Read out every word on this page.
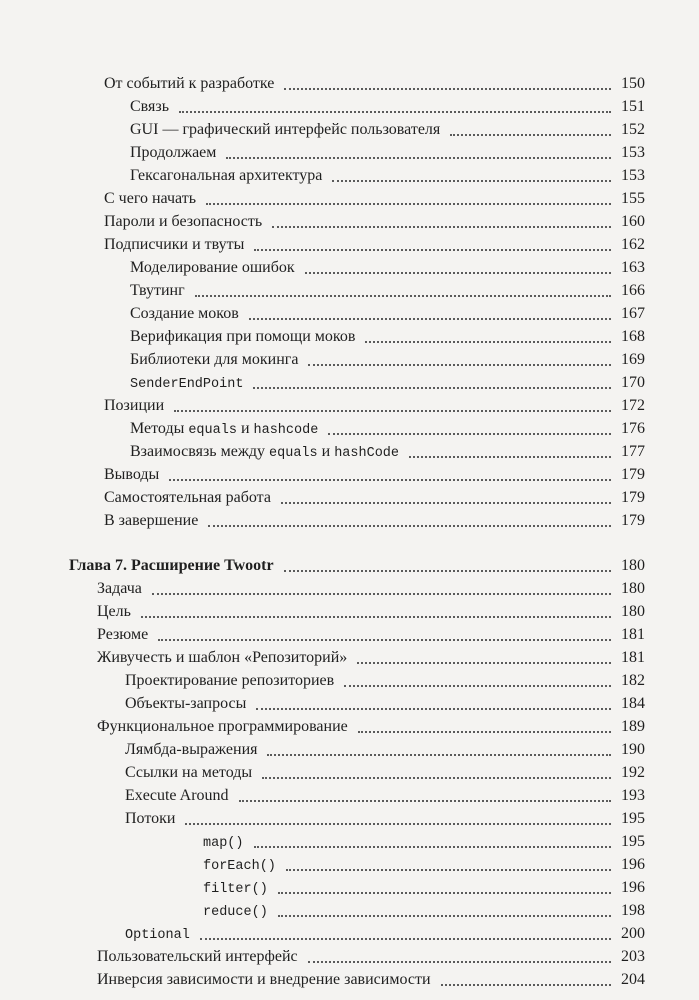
От событий к разработке	150
Связь	151
GUI — графический интерфейс пользователя	152
Продолжаем	153
Гексагональная архитектура	153
С чего начать	155
Пароли и безопасность	160
Подписчики и твуты	162
Моделирование ошибок	163
Твутинг	166
Создание моков	167
Верификация при помощи моков	168
Библиотеки для мокинга	169
SenderEndPoint	170
Позиции	172
Методы equals и hashcode	176
Взаимосвязь между equals и hashCode	177
Выводы	179
Самостоятельная работа	179
В завершение	179
Глава 7. Расширение Twootr	180
Задача	180
Цель	180
Резюме	181
Живучесть и шаблон «Репозиторий»	181
Проектирование репозиториев	182
Объекты-запросы	184
Функциональное программирование	189
Лямбда-выражения	190
Ссылки на методы	192
Execute Around	193
Потоки	195
map()	195
forEach()	196
filter()	196
reduce()	198
Optional	200
Пользовательский интерфейс	203
Инверсия зависимости и внедрение зависимости	204
